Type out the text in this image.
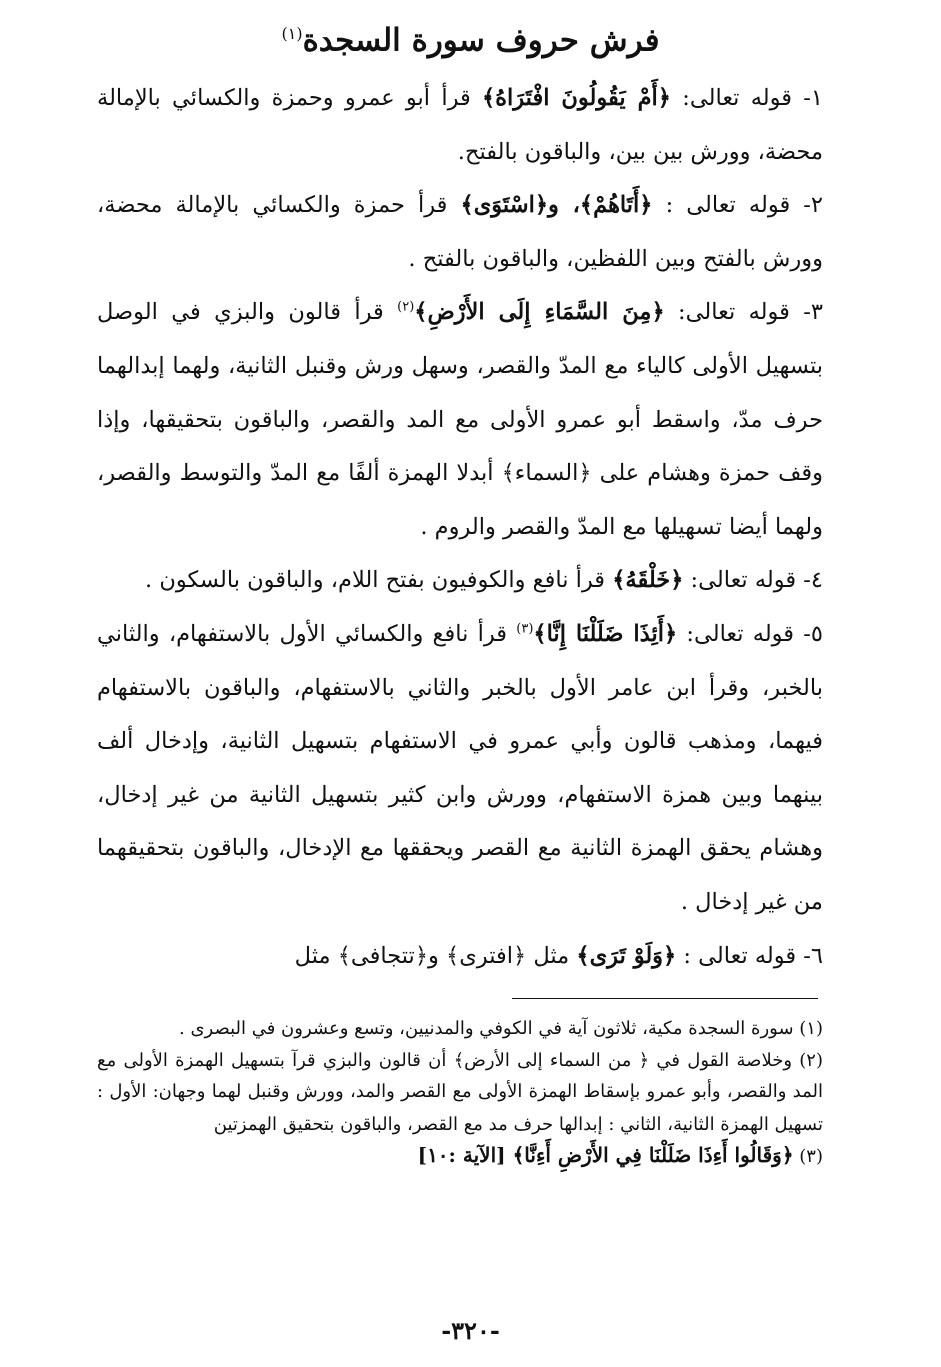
فرش حروف سورة السجدة$^{(١)}$

١- قوله تعالى: ﴿أَمْ يَقُولُونَ افْتَرَاهُ﴾ قرأ أبو عمرو وحمزة والكسائي بالإمالة محضة، وورش بين بين، والباقون بالفتح.

٢- قوله تعالى : ﴿أَتَاهُمْ﴾، و﴿اسْتَوَى﴾ قرأ حمزة والكسائي بالإمالة محضة، وورش بالفتح وبين اللفظين، والباقون بالفتح .

٣- قوله تعالى: ﴿مِنَ السَّمَاءِ إِلَى الأَرْضِ﴾$^{(٢)}$ قرأ قالون والبزي في الوصل بتسهيل الأولى كالياء مع المدّ والقصر، وسهل ورش وقنبل الثانية، ولهما إبدالهما حرف مدّ، واسقط أبو عمرو الأولى مع المد والقصر، والباقون بتحقيقها، وإذا وقف حمزة وهشام على ﴿السماء﴾ أبدلا الهمزة ألفًا مع المدّ والتوسط والقصر، ولهما أيضا تسهيلها مع المدّ والقصر والروم .

٤- قوله تعالى: ﴿خَلْقَهُ﴾ قرأ نافع والكوفيون بفتح اللام، والباقون بالسكون .

٥- قوله تعالى: ﴿أَئِذَا ضَلَلْنَا إِنَّا﴾$^{(٣)}$ قرأ نافع والكسائي الأول بالاستفهام، والثاني بالخبر، وقرأ ابن عامر الأول بالخبر والثاني بالاستفهام، والباقون بالاستفهام فيهما، ومذهب قالون وأبي عمرو في الاستفهام بتسهيل الثانية، وإدخال ألف بينهما وبين همزة الاستفهام، وورش وابن كثير بتسهيل الثانية من غير إدخال، وهشام يحقق الهمزة الثانية مع القصر ويحققها مع الإدخال، والباقون بتحقيقهما من غير إدخال .

٦- قوله تعالى : ﴿وَلَوْ تَرَى﴾ مثل ﴿افترى﴾ و﴿تتجافى﴾ مثل

(١) سورة السجدة مكية، ثلاثون آية في الكوفي والمدنيين، وتسع وعشرون في البصرى .

(٢) وخلاصة القول في ﴿ من السماء إلى الأرض﴾ أن قالون والبزي قرآ بتسهيل الهمزة الأولى مع المد والقصر، وأبو عمرو بإسقاط الهمزة الأولى مع القصر والمد، وورش وقنبل لهما وجهان: الأول : تسهيل الهمزة الثانية، الثاني : إبدالها حرف مد مع القصر، والباقون بتحقيق الهمزتين

(٣) ﴿وَقَالُوا أَءِذَا ضَلَلْنَا فِي الأَرْضِ أَءِنَّا﴾ [الآية :١٠]

-٣٢٠-
